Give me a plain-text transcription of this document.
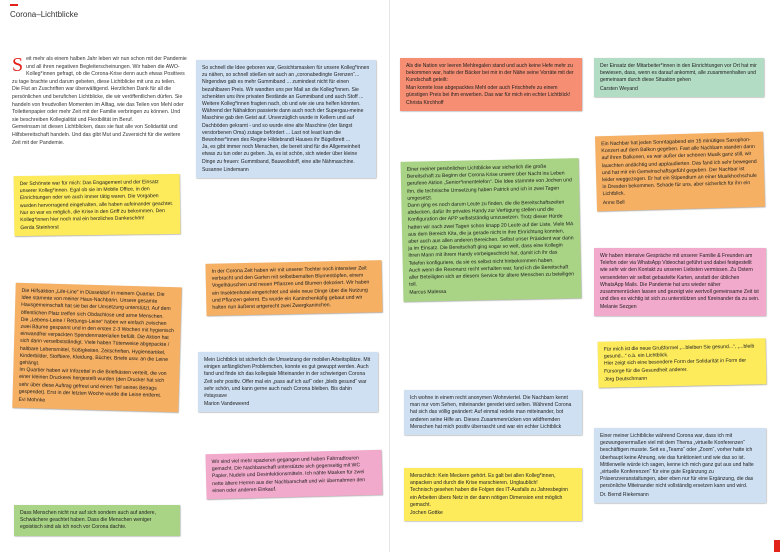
Corona–Lichtblicke

Seit mehr als einem halben Jahr leben wir nun schon mit der Pandemie und all ihren negativen Begleiterscheinungen. Wir haben die AWO-Kolleg*innen gefragt, ob die Corona-Krise denn auch etwas Positives zu tage brachte und darum gebeten, diese Lichtblicke mit uns zu teilen.

Die Flut an Zuschriften war überwältigend. Herzlichen Dank für all die persönlichen und berufichen Lichtblicke, die wir veröffentlichen dürfen. Sie handeln von freudvollen Momenten im Alltag, wie das Teilen von Mehl oder Toilettenpapier oder mehr Zeit mit der Familie verbringen zu können. Und sie beschreiben Kollegialität und Flexibilität im Beruf.

Gemeinsam ist diesen Lichtblicken, dass sie fast alle von Solidarität und Hilfsbereitschaft handeln. Und das gibt Mut und Zuversicht für die weitere Zeit mit der Pandemie.

Der Schönste war für mich: Das Engagement und der Einsatz unserer Kolleg*innen. Egal ob sie im Mobile Office, in den Einrichtungen oder wo auch immer tätig waren. Die Vorgaben wurden hervorragend eingehalten, alle haben aufeinander geachtet. Nur so war es möglich, die Krise in den Griff zu bekommen. Den Kolleg*innen hier noch mal ein herzliches Dankeschön!
Gerda Steinhorst
Die Hilfsaktion „Life-Line“ in Düsseldorf in meinem Quartier. Die Idee stammte von meiner Haus-Nachbarin. Unsere gesamte Hausgemeinschaft hat sie bei der Umsetzung unterstützt. Auf dem öffentlichen Platz treffen sich Obdachlose und arme Menschen.
Die „Lebens-Leine / Rettungs-Leine“ haben wir einfach zwischen zwei Bäume gespannt und in den ersten 2-3 Wochen mit hygienisch einwandfrei verpackten Spendenmaterialien befüllt. Die Aktion hat sich dann verselbstständigt. Viele haben Tütenweise abgepackte / haltbare Lebensmittel, Süßigkeiten, Zeitschriften, Hygieneartikel, Kinderbilder, Stofftiere, Kleidung, Bücher, Briefe usw. an die Leine gehängt.
Im Quartier haben wir Infozettel in die Briefkästen verteilt, die von einer kleinen Druckerei hergestellt wurden (den Drucker hat sich sehr über diese Auftrag gefreut und einen Teil seines Betrags gespendet). Erst in der letzten Woche wurde die Leine entfernt.
Evi Mohnke
Dass Menschen nicht nur auf sich sondern auch auf andere, Schwächere geachtet haben. Dass die Menschen weniger egoistisch sind als ich noch vor Corona dachte.
So schnell die Idee geboren war, Gesichtsmasken für unsere Kolleg*innen zu nähen, so schnell stießen wir auch an „coronabedingte Grenzen“... Nirgendwo gab es mehr Gummiband ... zumindest nicht für einen bezahlbaren Preis. Wir wandten uns per Mail an die Kolleg*innen. Sie schenkten uns ihre privaten Bestände an Gummiband und auch Stoff ... Weitere Kolleg*innen fragten nach, ob und wie sie uns helfen könnten. Während der Nähaktion passierte dann auch noch der Supergau-meine Maschine gab den Geist auf. Unverzüglich wurde in Kellern und auf Dachböden gekramt - und so wurde eine alte Maschine (der längst verstorbenen Oma) zutage befördert ... Last not least kam die Bewohner*innen des Regine Hildebrandt Hauses ihr Bügelbrett ...
Ja, es gibt immer noch Menschen, die bereit sind für die Allgemeinheit etwas zu tun oder zu geben. Ja, es ist schön, sich wieder über kleine Dinge zu freuen: Gummiband, Bauwollstoff, eine alte Nähmaschine.
Susanne Lindemann
In der Corona Zeit haben wir mit unserer Tochter noch intensiver Zeit verbracht und den Garten mit selbstbemalten Blumentöpfen, einem Vogelhäuschen und neuen Pflanzen und Blumen dekoriert. Wir haben ein Insektenhotel eingerichtet und viele neue Dinge über die Nutzung und Pflanzen gelernt. Es wurde ein Kaninchenkäfig gebaut und wir halten nun äußerst artgerecht zwei Zwergkaninchen.
Mein Lichtblick ist sicherlich die Umsetzung der mobilen Arbeitsplätze. Mit einigen anfänglichen Problemchen, konnte es gut gewuppt werden. Auch fand und finde ich das kollegiale Miteinander in der schwierigen Corona Zeit sehr positiv. Offer mal ein „pass auf ich auf“ oder „bleib gesund“ war sehr schön, und kann gerne auch nach Corona bleiben. Bis dahin #staysave
Marion Vandeweerd
Wir sind viel mehr spazieren gegangen und haben Fahrradtouren gemacht. Die Nachbarschaft unterstützte sich gegenseitig mit WC Papier, Nudeln und Desinfektionsmitteln. Ich nähte Masken für zwei nette ältere Herren aus der Nachbarschaft und wir übernahmen den einen oder anderen Einkauf.
Als die Nation vor leeren Mehlregalen stand und auch keine Hefe mehr zu bekommen war, hatte der Bäcker bei mir in der Nähe seine Vorräte mit der Kundschaft geteilt:
Man konnte lose abgepacktes Mehl oder auch Frischhefe zu einem günstigen Preis bei ihm erwerben. Das war für mich ein echter Lichtblick!
Christa Kirchhoff
Einer meiner persönlichen Lichtblicke war sicherlich die große Bereitschaft zu Beginn der Corona Krise unsere über Nacht ins Leben gerufene Aktion „Senior*innentelefon“. Die Idee stammte von Jochen und ihn, die technische Umsetzung haben Patrick und ich in zwei Tagen umgesetzt.
Dann ging es noch darum Leute zu finden, die die Bereitschaftszeiten abdecken, dafür ihr privates Handy zur Verfügung stellen und die Konfiguration der APP selbstständig umzusetzen. Trotz dieser Hürde hatten wir nach zwei Tagen schon knapp 20 Leute auf der Liste. Viele MA aus dem Bereich Kita, die ja gerade nicht in ihre Einrichtung konnten, aber auch aus allen anderen Bereichen. Selbst unser Präsident war dann ja im Einsatz. Die Bereitschaft ging sogar so weit, dass eine Kollegin ihren Mann mit ihrem Handy vorbeigeschickt hat, damit ich ihr das Telefon konfiguriere, da sie es selbst nicht hinbekommen haben.
Auch wenn die Resonanz recht verhalten war, fand ich die Bereitschaft aller Beteiligten sich an diesem Service für ältere Menschen zu beteiligen toll.
Marcus Malessa
Ich wohne in einem recht anonymen Wohnviertel. Die Nachbarn kennt man nur vom Sehen, miteinander geredet wird selten. Während Corona hat sich das völlig geändert: Auf einmal redete man miteinander, bot anderen seine Hilfe an. Dieses Zusammenrücken von wildfremden Menschen hat mich positiv überrascht und war ein echter Lichtblick
Menschlich: Kein Meckern gehört. Es galt bei allen Kolleg*innen, anpacken und durch die Krise marschieren. Unglaublich!
Technisch gesehen haben die Folgen des IT-Ausfalls zu Jahresbeginn ein Arbeiten übers Netz in der dann nötigen Dimension erst möglich gemacht.
Jochen Gottke
Der Einsatz der Mitarbeiter*innen in den Einrichtungen vor Ort hat mir bewiesen, dass, wenn es darauf ankommt, alle zusammenhalten und gemeinsam durch diese Situation gehen
Carsten Weyand
Ein Nachbar hat jeden Sonntagabend ein 15 minütiges Saxophon-Konzert auf dem Balkon gegeben. Fast alle Nachbarn standen dann auf ihren Balkonen, es war außer der schönen Musik ganz still, wir lauschten andächtig und applaudierten. Das fand ich sehr bewegend und hat mir ein Gemeinschaftsgefühl gegeben. Der Nachbar ist leider weggezogen. Er hat ein Stipendium an einer Musikhochschule in Dresden bekommen. Schade für uns, aber sicherlich für ihn ein Lichtblick.
Anne Bell
Wir haben intensive Gespräche mit unserer Familie & Freunden am Telefon oder via WhatsApp Videochat geführt und dabei festgestellt wie sehr wir den Kontakt zu unseren Liebsten vermissen. Zu Ostern versendeten wir selbst gebastelte Karten, anstatt der üblichen WhatsApp Mails. Die Pandemie hat uns wieder näher zusammenrücken lassen und gezeigt wie wertvoll gemeinsame Zeit ist und dies es wichtig ist sich zu unterstützen und füreinander da zu sein.
Melanie Sezgen
Für mich ist die neue Grußformel „...bleiben Sie gesund...“, „...bleib gesund...“ o.ä. ein Lichtblick.
Hier zeigt sich eine besondere Form der Solidarität in Form der Fürsorge für die Gesundheit anderer.
Jörg Deutschmann
Einer meiner Lichtblicke während Corona war, dass ich mit gezwungenermaßen viel mit dem Thema „virtuelle Konferenzen“ beschäftigen musste. Seit es „Teams“ oder „Zoom“, vorher hatte ich überhaupt keine Ahnung, wie das funktioniert und wie das so ist. Mittlerweile würde ich sagen, kenne ich mich ganz gut aus und halte „virtuelle Konferenzen“ für eine gute Ergänzung zu Präsenzveranstaltungen, aber eben nur für eine Ergänzung, die das persönliche Miteinander nicht vollständig ersetzen kann und wird.
Dr. Bernd Riekemann
